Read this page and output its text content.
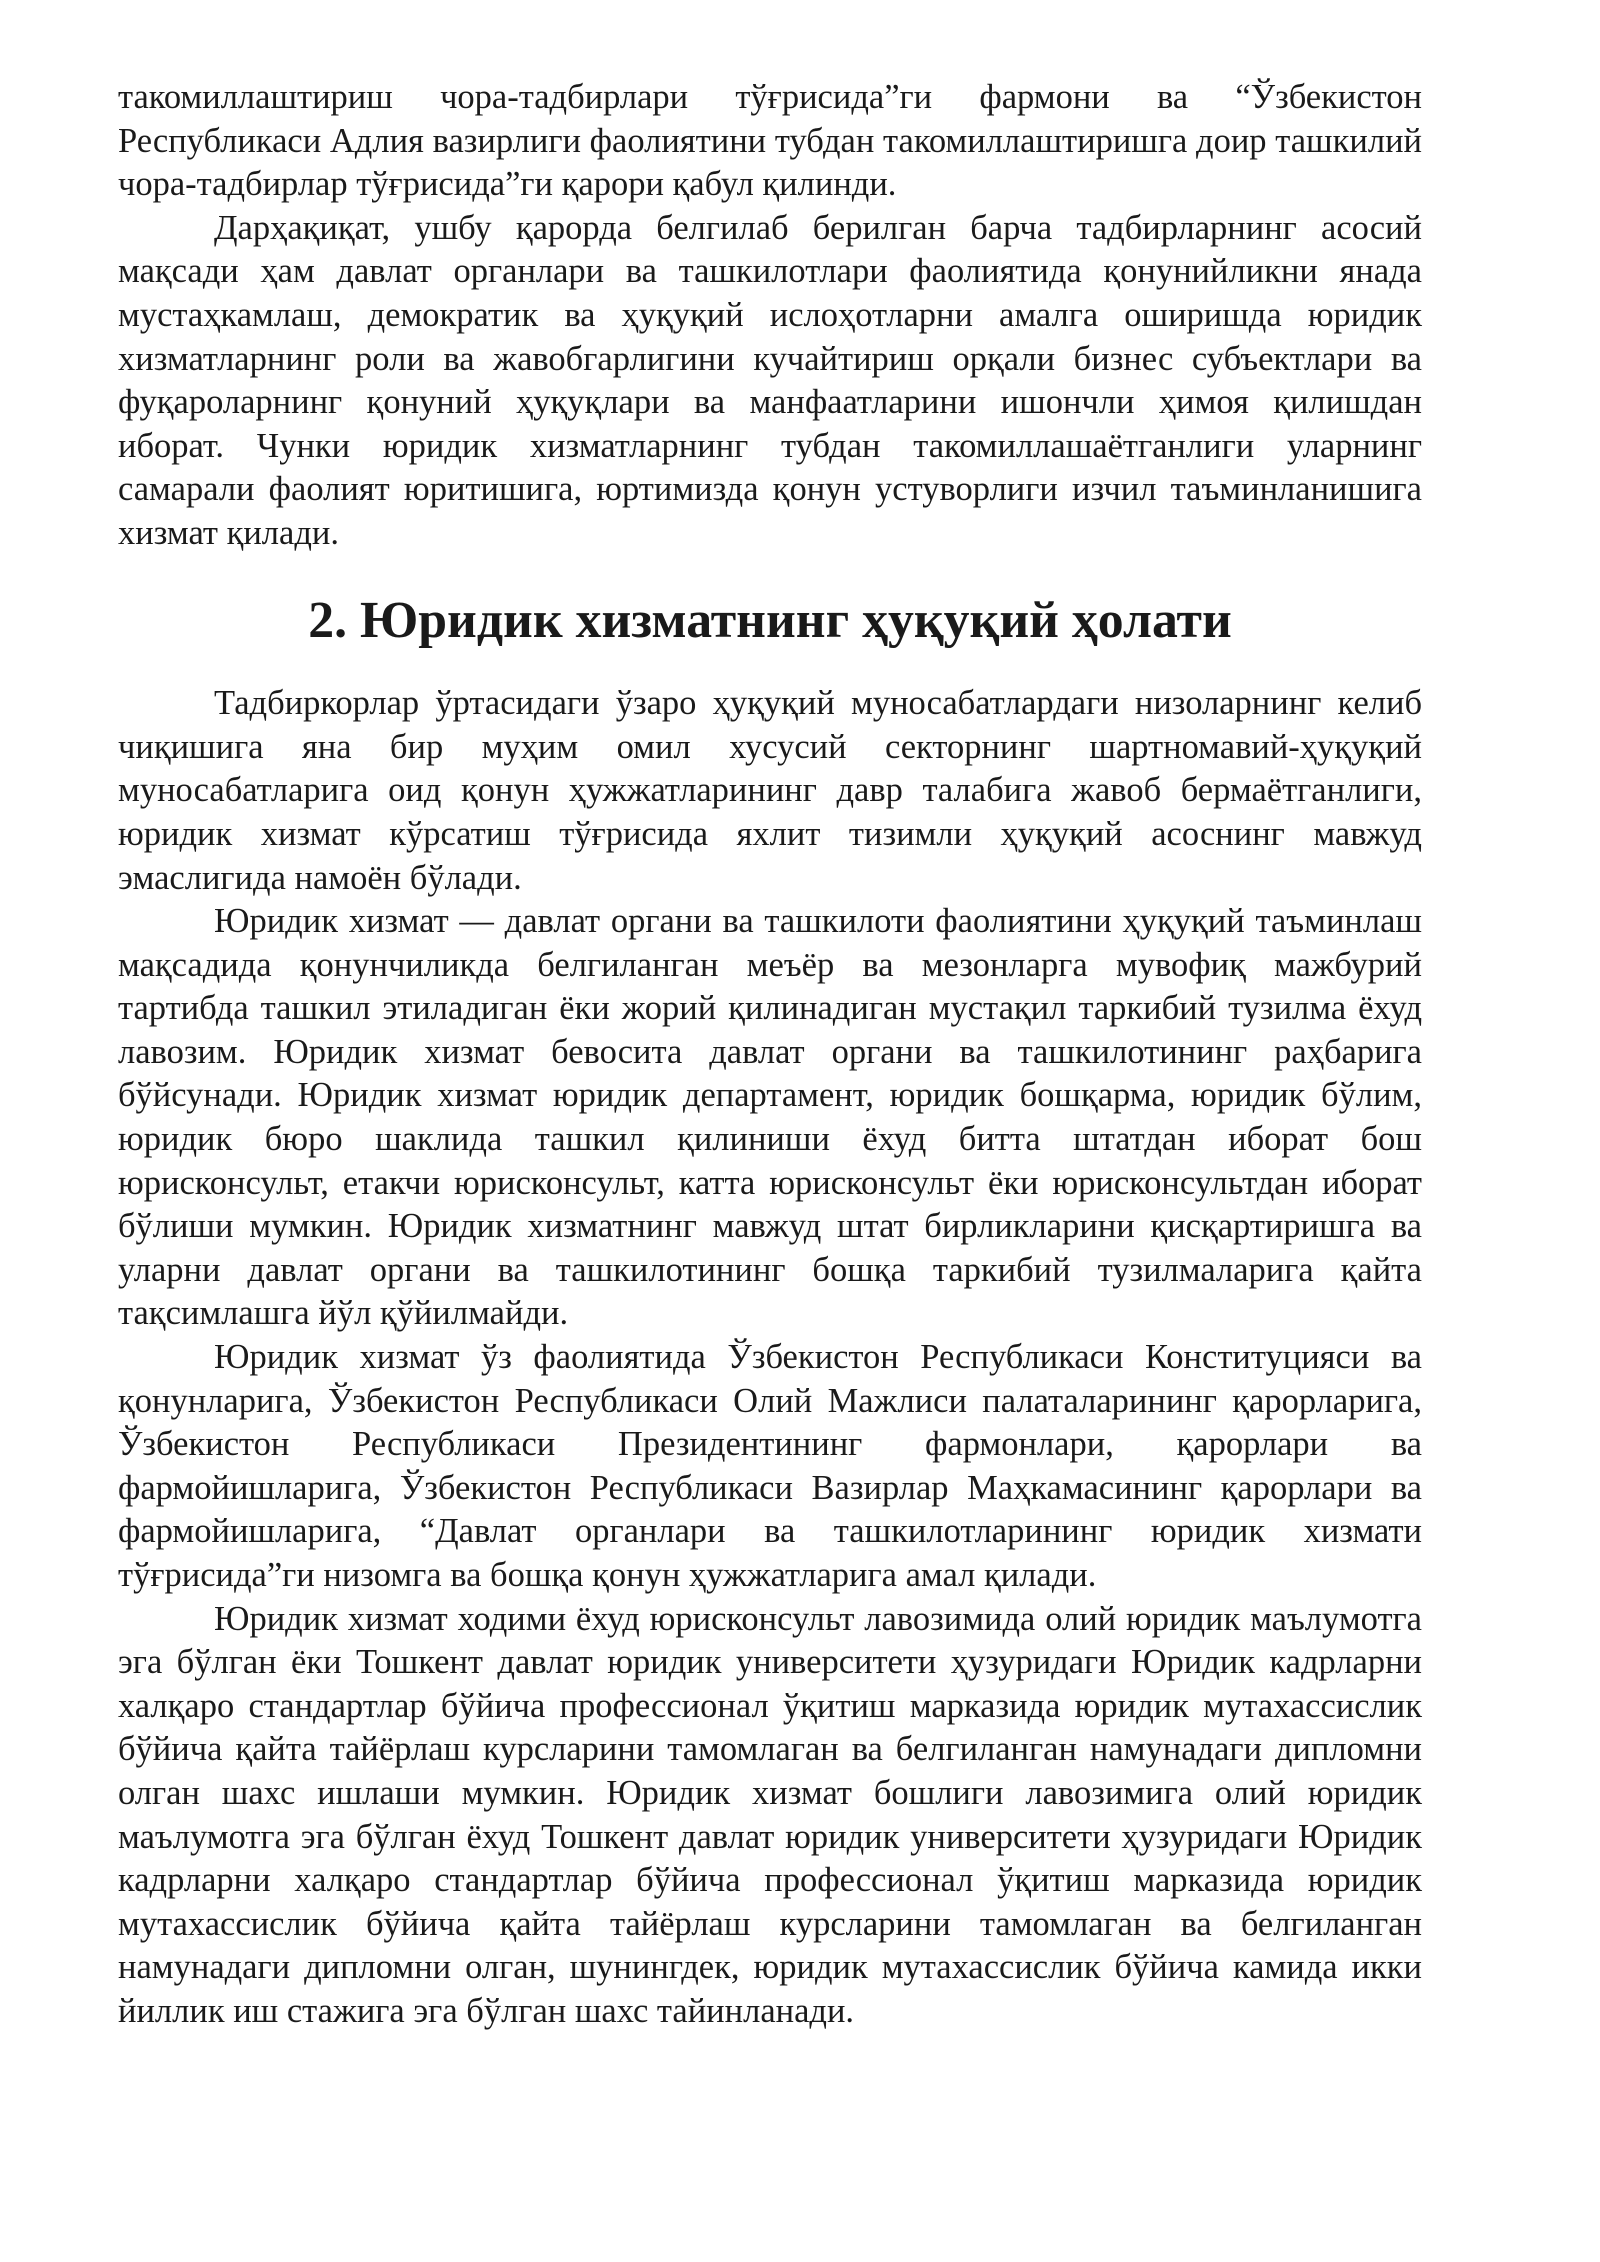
такомиллаштириш чора-тадбирлари тўғрисида”ги фармони ва “Ўзбекистон Республикаси Адлия вазирлиги фаолиятини тубдан такомиллаштиришга доир ташкилий чора-тадбирлар тўғрисида”ги қарори қабул қилинди.

Дарҳақиқат, ушбу қарорда белгилаб берилган барча тадбирларнинг асосий мақсади ҳам давлат органлари ва ташкилотлари фаолиятида қонунийликни янада мустаҳкамлаш, демократик ва ҳуқуқий ислоҳотларни амалга оширишда юридик хизматларнинг роли ва жавобгарлигини кучайтириш орқали бизнес субъектлари ва фуқароларнинг қонуний ҳуқуқлари ва манфаатларини ишончли ҳимоя қилишдан иборат. Чунки юридик хизматларнинг тубдан такомиллашаётганлиги уларнинг самарали фаолият юритишига, юртимизда қонун устуворлиги изчил таъминланишига хизмат қилади.

2. Юридик хизматнинг ҳуқуқий ҳолати

Тадбиркорлар ўртасидаги ўзаро ҳуқуқий муносабатлардаги низоларнинг келиб чиқишига яна бир муҳим омил хусусий секторнинг шартномавий-ҳуқуқий муносабатларига оид қонун ҳужжатларининг давр талабига жавоб бермаётганлиги, юридик хизмат кўрсатиш тўғрисида яхлит тизимли ҳуқуқий асоснинг мавжуд эмаслигида намоён бўлади.

Юридик хизмат — давлат органи ва ташкилоти фаолиятини ҳуқуқий таъминлаш мақсадида қонунчиликда белгиланган меъёр ва мезонларга мувофиқ мажбурий тартибда ташкил этиладиган ёки жорий қилинадиган мустақил таркибий тузилма ёхуд лавозим. Юридик хизмат бевосита давлат органи ва ташкилотининг раҳбарига бўйсунади. Юридик хизмат юридик департамент, юридик бошқарма, юридик бўлим, юридик бюро шаклида ташкил қилиниши ёхуд битта штатдан иборат бош юрисконсульт, етакчи юрисконсульт, катта юрисконсульт ёки юрисконсультдан иборат бўлиши мумкин. Юридик хизматнинг мавжуд штат бирликларини қисқартиришга ва уларни давлат органи ва ташкилотининг бошқа таркибий тузилмаларига қайта тақсимлашга йўл қўйилмайди.

Юридик хизмат ўз фаолиятида Ўзбекистон Республикаси Конституцияси ва қонунларига, Ўзбекистон Республикаси Олий Мажлиси палаталарининг қарорларига, Ўзбекистон Республикаси Президентининг фармонлари, қарорлари ва фармойишларига, Ўзбекистон Республикаси Вазирлар Маҳкамасининг қарорлари ва фармойишларига, “Давлат органлари ва ташкилотларининг юридик хизмати тўғрисида”ги низомга ва бошқа қонун ҳужжатларига амал қилади.

Юридик хизмат ходими ёхуд юрисконсульт лавозимида олий юридик маълумотга эга бўлган ёки Тошкент давлат юридик университети ҳузуридаги Юридик кадрларни халқаро стандартлар бўйича профессионал ўқитиш марказида юридик мутахассислик бўйича қайта тайёрлаш курсларини тамомлаган ва белгиланган намунадаги дипломни олган шахс ишлаши мумкин. Юридик хизмат бошлиги лавозимига олий юридик маълумотга эга бўлган ёхуд Тошкент давлат юридик университети ҳузуридаги Юридик кадрларни халқаро стандартлар бўйича профессионал ўқитиш марказида юридик мутахассислик бўйича қайта тайёрлаш курсларини тамомлаган ва белгиланган намунадаги дипломни олган, шунингдек, юридик мутахассислик бўйича камида икки йиллик иш стажига эга бўлган шахс тайинланади.
